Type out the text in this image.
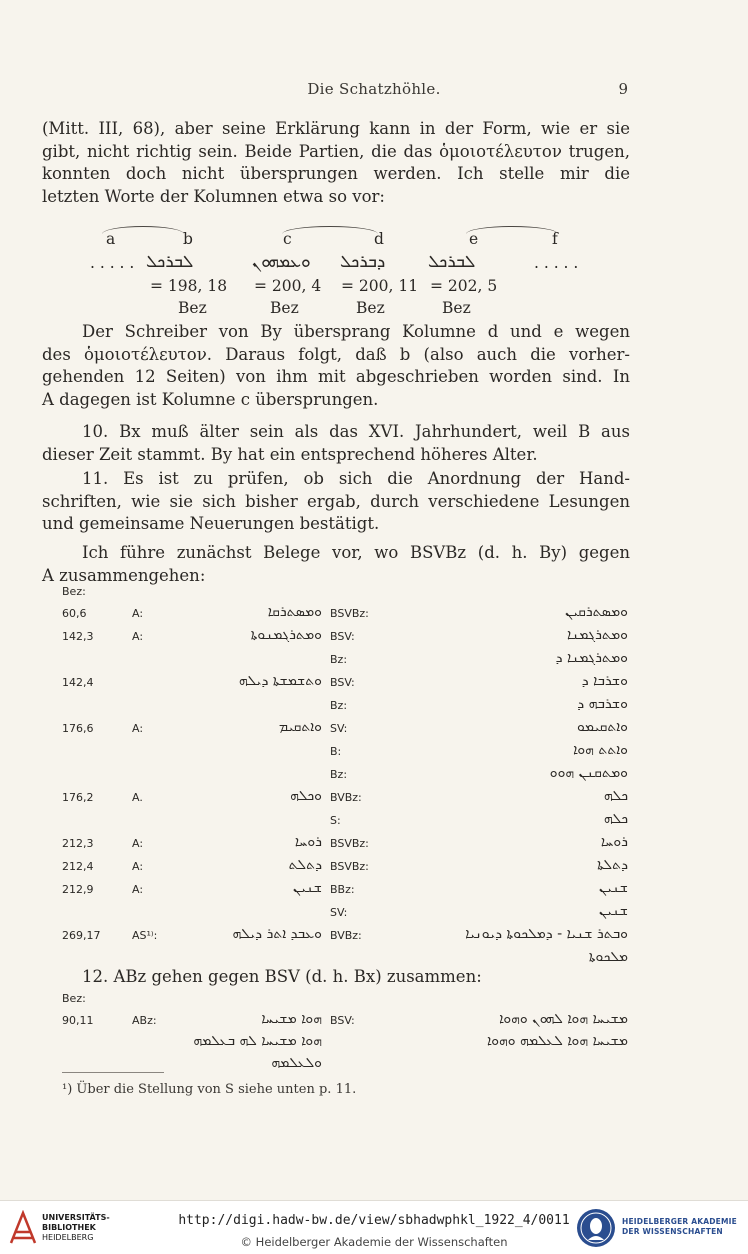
Die Schatzhöhle.	9
(Mitt. III, 68), aber seine Erklärung kann in der Form, wie er sie
gibt, nicht richtig sein. Beide Partien, die das ὁμοιοτέλευτον trugen,
konnten doch nicht übersprungen werden. Ich stelle mir die
letzten Worte der Kolumnen etwa so vor:
a	b	c	d	e	f
. . . . . ܠܒܪܟܠ	ܘܥܡܗܘܢ ܕܒܪܟܠ	ܠܒܪܟܠ	. . . . .
= 198, 18 = 200, 4 = 200, 11 = 202, 5
Bez	Bez	Bez	Bez
Der Schreiber von By übersprang Kolumne d und e wegen
des ὁμοιοτέλευτον. Daraus folgt, daß b (also auch die vorher-
gehenden 12 Seiten) von ihm mit abgeschrieben worden sind. In
A dagegen ist Kolumne c übersprungen.
10. Bx muß älter sein als das XVI. Jahrhundert, weil B aus
dieser Zeit stammt. By hat ein entsprechend höheres Alter.
11. Es ist zu prüfen, ob sich die Anordnung der Hand-
schriften, wie sie sich bisher ergab, durch verschiedene Lesungen
und gemeinsame Neuerungen bestätigt.
Ich führe zunächst Belege vor, wo BSVBz (d. h. By) gegen
A zusammengehen:
Bez:
60,6	A:	ܘܡܣܬܪܩܐ BSVBz:	ܘܡܣܬܪܩܝܢ
142,3	A:	ܘܡܬܪܓܡܢܘܬܐ BSV:	ܘܡܬܪܓܡܢܐ
Bz:	ܘܡܬܪܓܡܢܐ ܕ
142,4	ܘܬܫܡܫܬܐ ܕܝܠܗ BSV:	ܘܫܪܒܐ ܕ
Bz:	ܘܫܪܒܗ ܕ
176,6	A:	ܘܐܬܩܝܡ SV:	ܘܐܬܩܝܡܘ
B:	ܘܐܬܬ ܗܘܐ
Bz:	ܘܡܬܩܢܢ ܗܘܘ
176,2	A.	ܘܟܠܗ BVBz:	ܟܠܗ
S:	ܟܠܗ
212,3	A:	ܪܘܚܐ BSVBz:	ܪܘܚܐ
212,4	A:	ܕܬܠܬ BSVBz:	ܕܬܠܬܐ
212,9	A:	ܫܢܝܢ BBz:	ܫܢܝܢ
SV:	ܫܢܝܢ
269,17	AS¹⁾:	ܘܥܒܕ ܐܬܪ ܕܝܠܗ BVBz:	ܘܒܬܪ ܫܢܝܐ - ܕܡܠܟܘܬܐ ܕܝܘܢܝܐ
ܡܠܟܘܬܐ
12. ABz gehen gegen BSV (d. h. Bx) zusammen:
Bez:
90,11	ABz:	ܗܘܐ ܡܫܝܚܐ BSV:	ܡܫܝܚܐ ܗܘܐ ܠܗܘܢ ܘܗܘܐ
ܗܘܐ ܡܫܝܚܐ ܠܗ ܒܥܠܡܗ	ܡܫܝܚܐ ܗܘܐ ܠܥܠܡܗ ܘܗܘܐ
ܘܠܥܠܡܗ
¹) Über die Stellung von S siehe unten p. 11.
UNIVERSITÄTS-
BIBLIOTHEK
HEIDELBERG
http://digi.hadw-bw.de/view/sbhadwphkl_1922_4/0011
© Heidelberger Akademie der Wissenschaften
HEIDELBERGER AKADEMIE
DER WISSENSCHAFTEN
